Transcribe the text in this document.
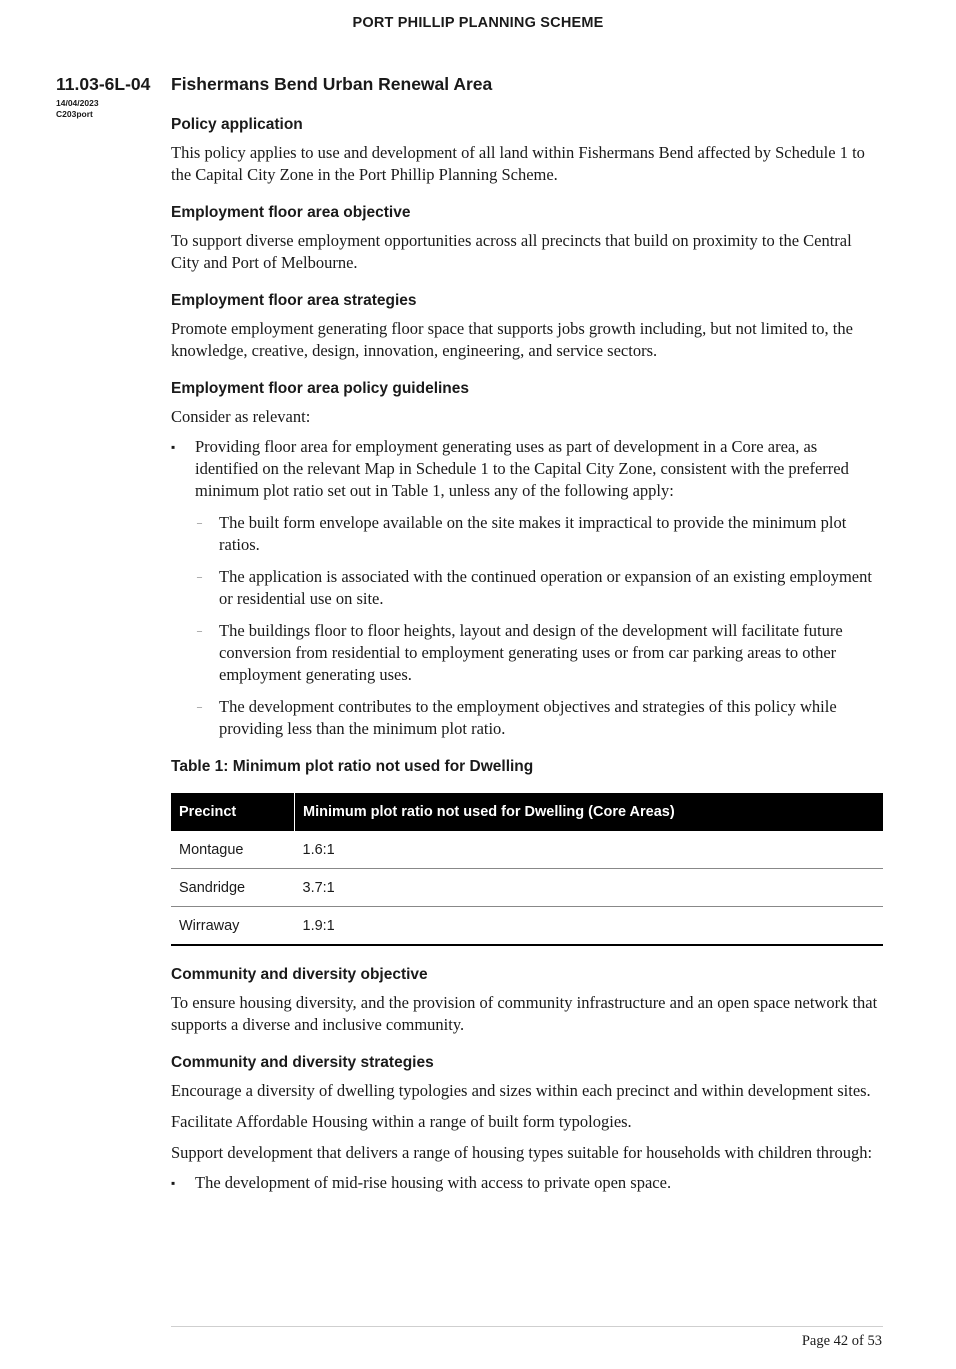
PORT PHILLIP PLANNING SCHEME
11.03-6L-04
14/04/2023
C203port
Fishermans Bend Urban Renewal Area
Policy application

This policy applies to use and development of all land within Fishermans Bend affected by Schedule 1 to the Capital City Zone in the Port Phillip Planning Scheme.

Employment floor area objective

To support diverse employment opportunities across all precincts that build on proximity to the Central City and Port of Melbourne.

Employment floor area strategies

Promote employment generating floor space that supports jobs growth including, but not limited to, the knowledge, creative, design, innovation, engineering, and service sectors.

Employment floor area policy guidelines

Consider as relevant:

▪ Providing floor area for employment generating uses as part of development in a Core area, as identified on the relevant Map in Schedule 1 to the Capital City Zone, consistent with the preferred minimum plot ratio set out in Table 1, unless any of the following apply:
– The built form envelope available on the site makes it impractical to provide the minimum plot ratios.
– The application is associated with the continued operation or expansion of an existing employment or residential use on site.
– The buildings floor to floor heights, layout and design of the development will facilitate future conversion from residential to employment generating uses or from car parking areas to other employment generating uses.
– The development contributes to the employment objectives and strategies of this policy while providing less than the minimum plot ratio.
Table 1: Minimum plot ratio not used for Dwelling
Precinct	Minimum plot ratio not used for Dwelling (Core Areas)
Montague	1.6:1
Sandridge	3.7:1
Wirraway	1.9:1
Community and diversity objective

To ensure housing diversity, and the provision of community infrastructure and an open space network that supports a diverse and inclusive community.

Community and diversity strategies

Encourage a diversity of dwelling typologies and sizes within each precinct and within development sites.

Facilitate Affordable Housing within a range of built form typologies.

Support development that delivers a range of housing types suitable for households with children through:

▪ The development of mid-rise housing with access to private open space.
Page 42 of 53
